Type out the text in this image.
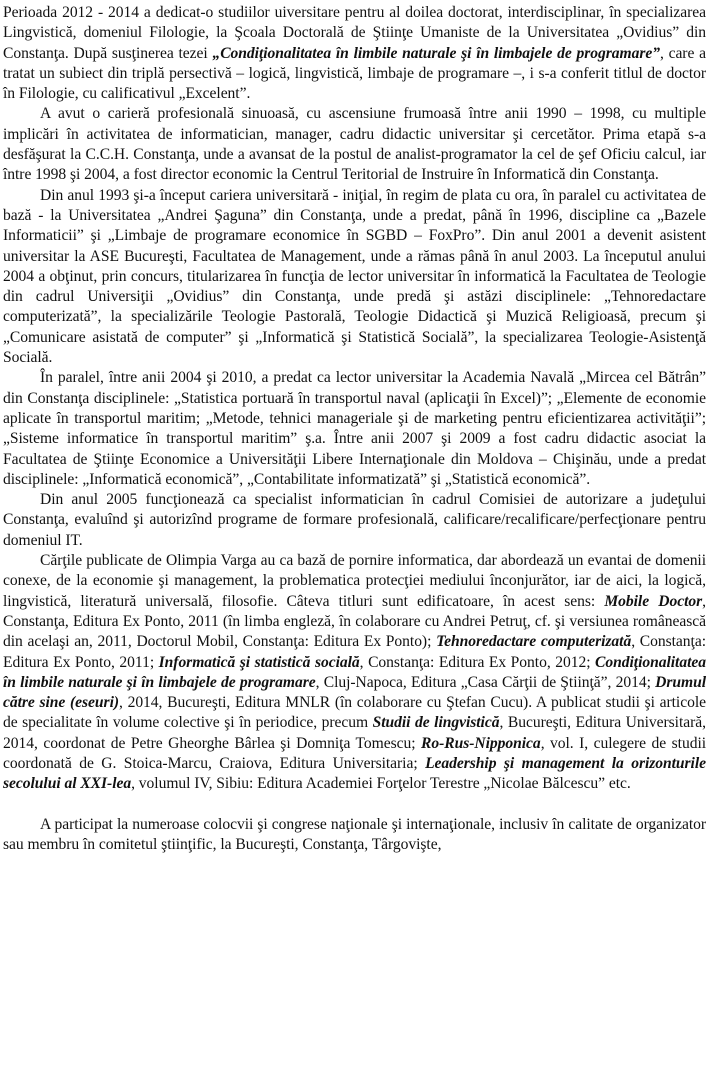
Perioada 2012 - 2014 a dedicat-o studiilor uiversitare pentru al doilea doctorat, interdisciplinar, în specializarea Lingvistică, domeniul Filologie, la Şcoala Doctorală de Ştiinţe Umaniste de la Universitatea „Ovidius” din Constanţa. După susţinerea tezei „Condiţionalitatea în limbile naturale şi în limbajele de programare”, care a tratat un subiect din triplă persectivă – logică, lingvistică, limbaje de programare –, i s-a conferit titlul de doctor în Filologie, cu calificativul „Excelent”.

A avut o carieră profesională sinuoasă, cu ascensiune frumoasă între anii 1990 – 1998, cu multiple implicări în activitatea de informatician, manager, cadru didactic universitar şi cercetător. Prima etapă s-a desfăşurat la C.C.H. Constanţa, unde a avansat de la postul de analist-programator la cel de şef Oficiu calcul, iar între 1998 şi 2004, a fost director economic la Centrul Teritorial de Instruire în Informatică din Constanţa.

Din anul 1993 şi-a început cariera universitară - iniţial, în regim de plata cu ora, în paralel cu activitatea de bază - la Universitatea „Andrei Şaguna” din Constanţa, unde a predat, până în 1996, discipline ca „Bazele Informaticii” şi „Limbaje de programare economice în SGBD – FoxPro”. Din anul 2001 a devenit asistent universitar la ASE Bucureşti, Facultatea de Management, unde a rămas până în anul 2003. La începutul anului 2004 a obţinut, prin concurs, titularizarea în funcţia de lector universitar în informatică la Facultatea de Teologie din cadrul Universiţii „Ovidius” din Constanţa, unde predă şi astăzi disciplinele: „Tehnoredactare computerizată”, la specializările Teologie Pastorală, Teologie Didactică şi Muzică Religioasă, precum şi „Comunicare asistată de computer” şi „Informatică şi Statistică Socială”, la specializarea Teologie-Asistenţă Socială.

În paralel, între anii 2004 şi 2010, a predat ca lector universitar la Academia Navală „Mircea cel Bătrân” din Constanţa disciplinele: „Statistica portuară în transportul naval (aplicaţii în Excel)”; „Elemente de economie aplicate în transportul maritim; „Metode, tehnici manageriale şi de marketing pentru eficientizarea activităţii”; „Sisteme informatice în transportul maritim” ş.a. Între anii 2007 şi 2009 a fost cadru didactic asociat la Facultatea de Ştiinţe Economice a Universităţii Libere Internaţionale din Moldova – Chişinău, unde a predat disciplinele: „Informatică economică”, „Contabilitate informatizată” şi „Statistică economică”.

Din anul 2005 funcţionează ca specialist informatician în cadrul Comisiei de autorizare a judeţului Constanţa, evaluînd şi autorizînd programe de formare profesională, calificare/recalificare/perfecţionare pentru domeniul IT.

Cărţile publicate de Olimpia Varga au ca bază de pornire informatica, dar abordează un evantai de domenii conexe, de la economie şi management, la problematica protecţiei mediului înconjurător, iar de aici, la logică, lingvistică, literatură universală, filosofie. Câteva titluri sunt edificatoare, în acest sens: Mobile Doctor, Constanţa, Editura Ex Ponto, 2011 (în limba engleză, în colaborare cu Andrei Petruţ, cf. şi versiunea românească din acelaşi an, 2011, Doctorul Mobil, Constanţa: Editura Ex Ponto); Tehnoredactare computerizată, Constanţa: Editura Ex Ponto, 2011; Informatică şi statistică socială, Constanţa: Editura Ex Ponto, 2012; Condiţionalitatea în limbile naturale şi în limbajele de programare, Cluj-Napoca, Editura „Casa Cărţii de Ştiinţă”, 2014; Drumul către sine (eseuri), 2014, Bucureşti, Editura MNLR (în colaborare cu Ştefan Cucu). A publicat studii şi articole de specialitate în volume colective şi în periodice, precum Studii de lingvistică, Bucureşti, Editura Universitară, 2014, coordonat de Petre Gheorghe Bârlea şi Domniţa Tomescu; Ro-Rus-Nipponica, vol. I, culegere de studii coordonată de G. Stoica-Marcu, Craiova, Editura Universitaria; Leadership şi management la orizonturile secolului al XXI-lea, volumul IV, Sibiu: Editura Academiei Forţelor Terestre „Nicolae Bălcescu” etc.

A participat la numeroase colocvii şi congrese naţionale şi internaţionale, inclusiv în calitate de organizator sau membru în comitetul ştiinţific, la Bucureşti, Constanţa, Târgovişte,
